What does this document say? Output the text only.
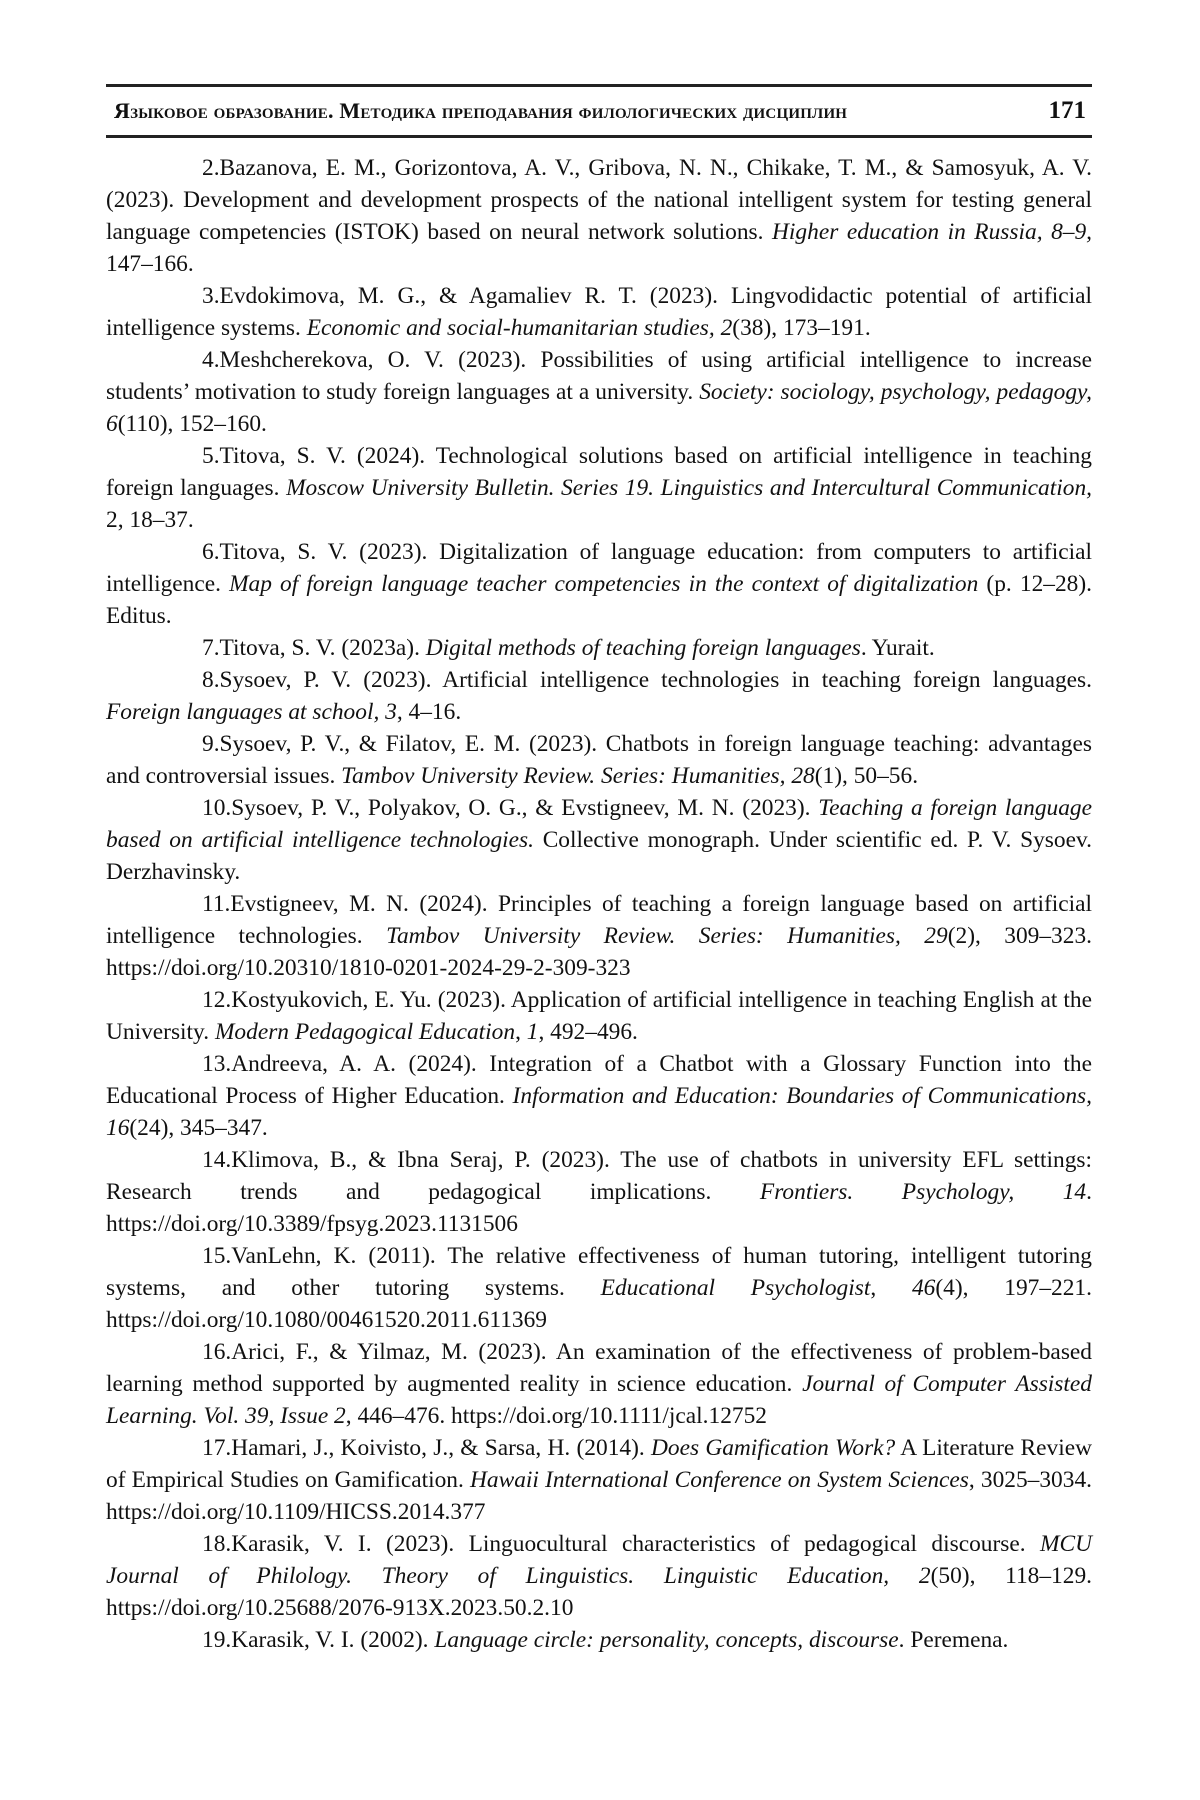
Языковое образование. Методика преподавания филологических дисциплин	171

2.Bazanova, E. M., Gorizontova, A. V., Gribova, N. N., Chikake, T. M., & Samosyuk, A. V. (2023). Development and development prospects of the national intelligent system for testing general language competencies (ISTOK) based on neural network solutions. Higher education in Russia, 8–9, 147–166.

3.Evdokimova, M. G., & Agamaliev R. T. (2023). Lingvodidactic potential of artificial intelligence systems. Economic and social-humanitarian studies, 2(38), 173–191.

4.Meshcherekova, O. V. (2023). Possibilities of using artificial intelligence to increase students’ motivation to study foreign languages at a university. Society: sociology, psychology, pedagogy, 6(110), 152–160.

5.Titova, S. V. (2024). Technological solutions based on artificial intelligence in teaching foreign languages. Moscow University Bulletin. Series 19. Linguistics and Intercultural Communication, 2, 18–37.

6.Titova, S. V. (2023). Digitalization of language education: from computers to artificial intelligence. Map of foreign language teacher competencies in the context of digitalization (p. 12–28). Editus.

7.Titova, S. V. (2023a). Digital methods of teaching foreign languages. Yurait.

8.Sysoev, P. V. (2023). Artificial intelligence technologies in teaching foreign languages. Foreign languages at school, 3, 4–16.

9.Sysoev, P. V., & Filatov, E. M. (2023). Chatbots in foreign language teaching: advantages and controversial issues. Tambov University Review. Series: Humanities, 28(1), 50–56.

10.Sysoev, P. V., Polyakov, O. G., & Evstigneev, M. N. (2023). Teaching a foreign language based on artificial intelligence technologies. Collective monograph. Under scientific ed. P. V. Sysoev. Derzhavinsky.

11.Evstigneev, M. N. (2024). Principles of teaching a foreign language based on artificial intelligence technologies. Tambov University Review. Series: Humanities, 29(2), 309–323. https://doi.org/10.20310/1810-0201-2024-29-2-309-323

12.Kostyukovich, E. Yu. (2023). Application of artificial intelligence in teaching English at the University. Modern Pedagogical Education, 1, 492–496.

13.Andreeva, A. A. (2024). Integration of a Chatbot with a Glossary Function into the Educational Process of Higher Education. Information and Education: Boundaries of Communications, 16(24), 345–347.

14.Klimova, B., & Ibna Seraj, P. (2023). The use of chatbots in university EFL settings: Research trends and pedagogical implications. Frontiers. Psychology, 14. https://doi.org/10.3389/fpsyg.2023.1131506

15.VanLehn, K. (2011). The relative effectiveness of human tutoring, intelligent tutoring systems, and other tutoring systems. Educational Psychologist, 46(4), 197–221. https://doi.org/10.1080/00461520.2011.611369

16.Arici, F., & Yilmaz, M. (2023). An examination of the effectiveness of problem-based learning method supported by augmented reality in science education. Journal of Computer Assisted Learning. Vol. 39, Issue 2, 446–476. https://doi.org/10.1111/jcal.12752

17.Hamari, J., Koivisto, J., & Sarsa, H. (2014). Does Gamification Work? A Literature Review of Empirical Studies on Gamification. Hawaii International Conference on System Sciences, 3025–3034. https://doi.org/10.1109/HICSS.2014.377

18.Karasik, V. I. (2023). Linguocultural characteristics of pedagogical discourse. MCU Journal of Philology. Theory of Linguistics. Linguistic Education, 2(50), 118–129. https://doi.org/10.25688/2076-913X.2023.50.2.10

19.Karasik, V. I. (2002). Language circle: personality, concepts, discourse. Peremena.
